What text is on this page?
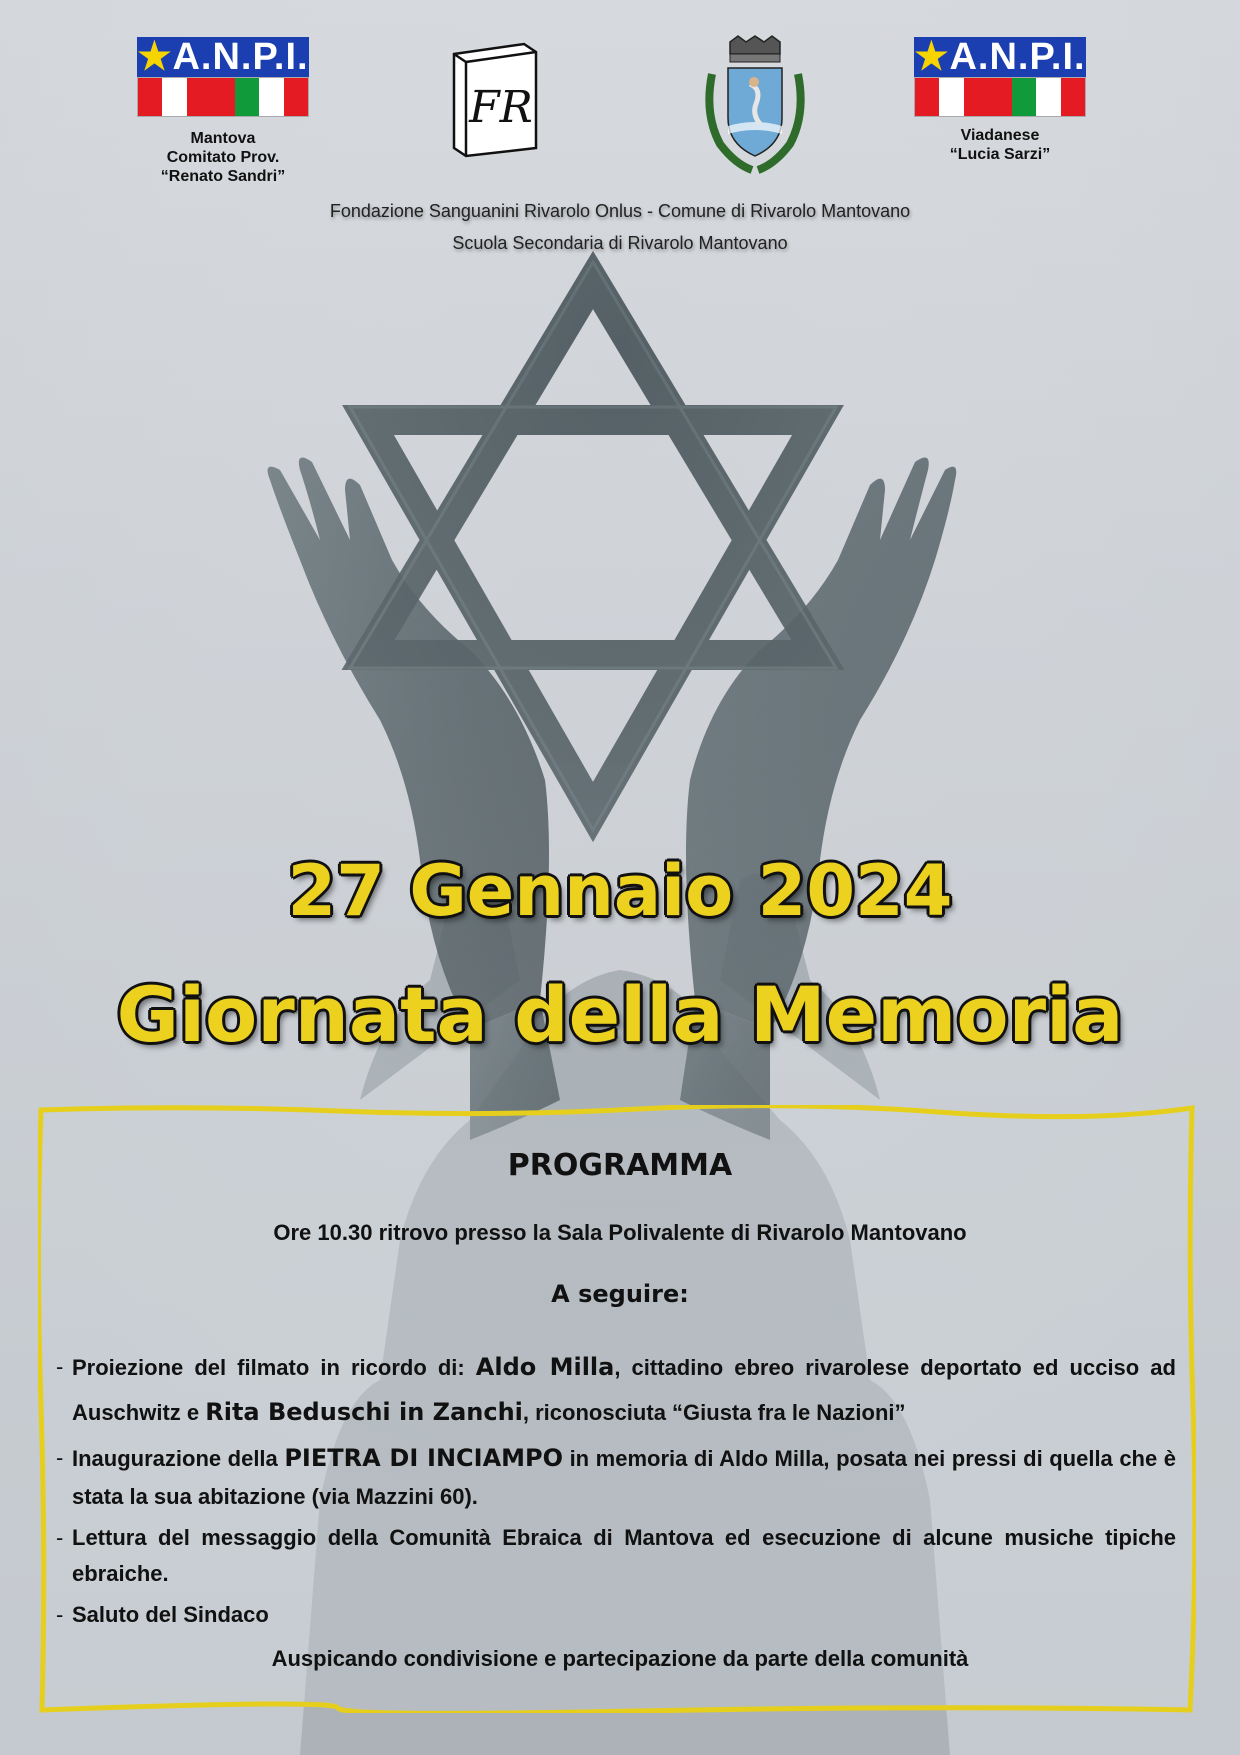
★A.N.P.I.
Mantova
Comitato Prov.
“Renato Sandri”
FR
★A.N.P.I.
Viadanese
“Lucia Sarzi”
Fondazione Sanguanini Rivarolo Onlus - Comune di Rivarolo Mantovano
Scuola Secondaria di Rivarolo Mantovano
27 Gennaio 2024
Giornata della Memoria
PROGRAMMA
Ore 10.30 ritrovo presso la Sala Polivalente di Rivarolo Mantovano
A seguire:
- Proiezione del filmato in ricordo di: Aldo Milla, cittadino ebreo rivarolese deportato ed ucciso ad Auschwitz e Rita Beduschi in Zanchi, riconosciuta “Giusta fra le Nazioni”
- Inaugurazione della PIETRA DI INCIAMPO in memoria di Aldo Milla, posata nei pressi di quella che è stata la sua abitazione (via Mazzini 60).
- Lettura del messaggio della Comunità Ebraica di Mantova ed esecuzione di alcune musiche tipiche ebraiche.
- Saluto del Sindaco
Auspicando condivisione e partecipazione da parte della comunità
